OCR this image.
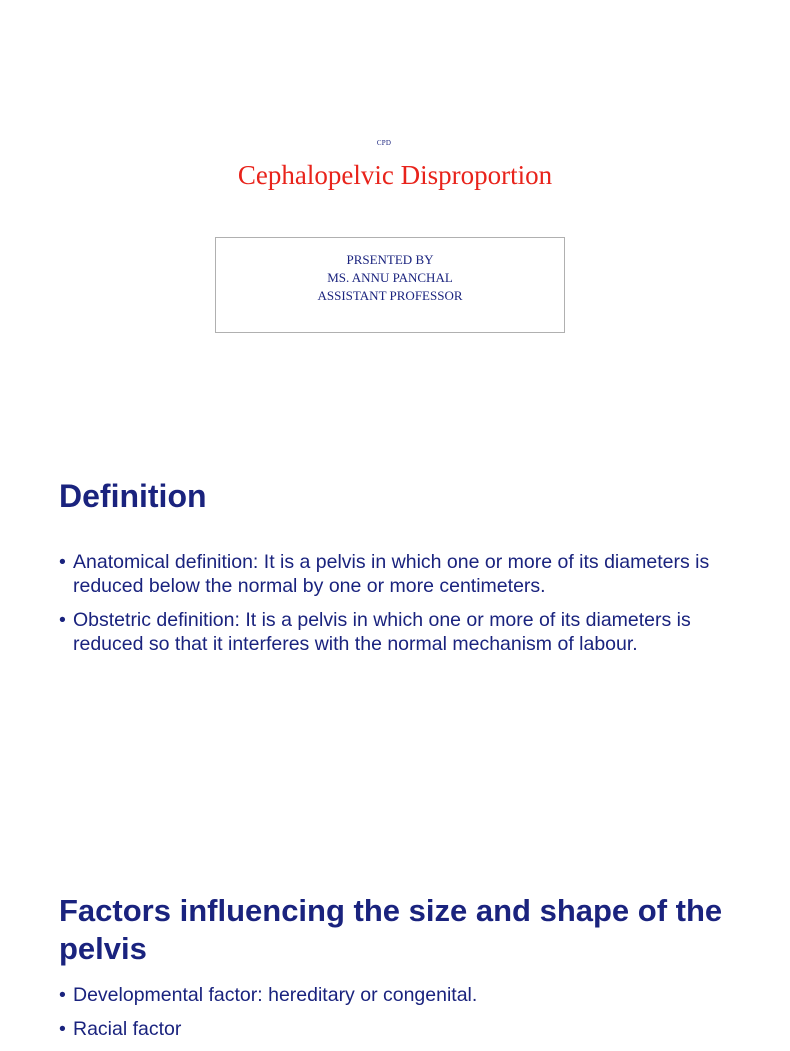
CPD
Cephalopelvic Disproportion
PRSENTED BY
MS. ANNU PANCHAL
ASSISTANT PROFESSOR
Definition
• Anatomical definition: It is a pelvis in which one or more of its diameters is reduced below the normal by one or more centimeters.
• Obstetric definition: It is a pelvis in which one or more of its diameters is reduced so that it interferes with the normal mechanism of labour.
Factors influencing the size and shape of the pelvis
• Developmental factor: hereditary or congenital.
• Racial factor
